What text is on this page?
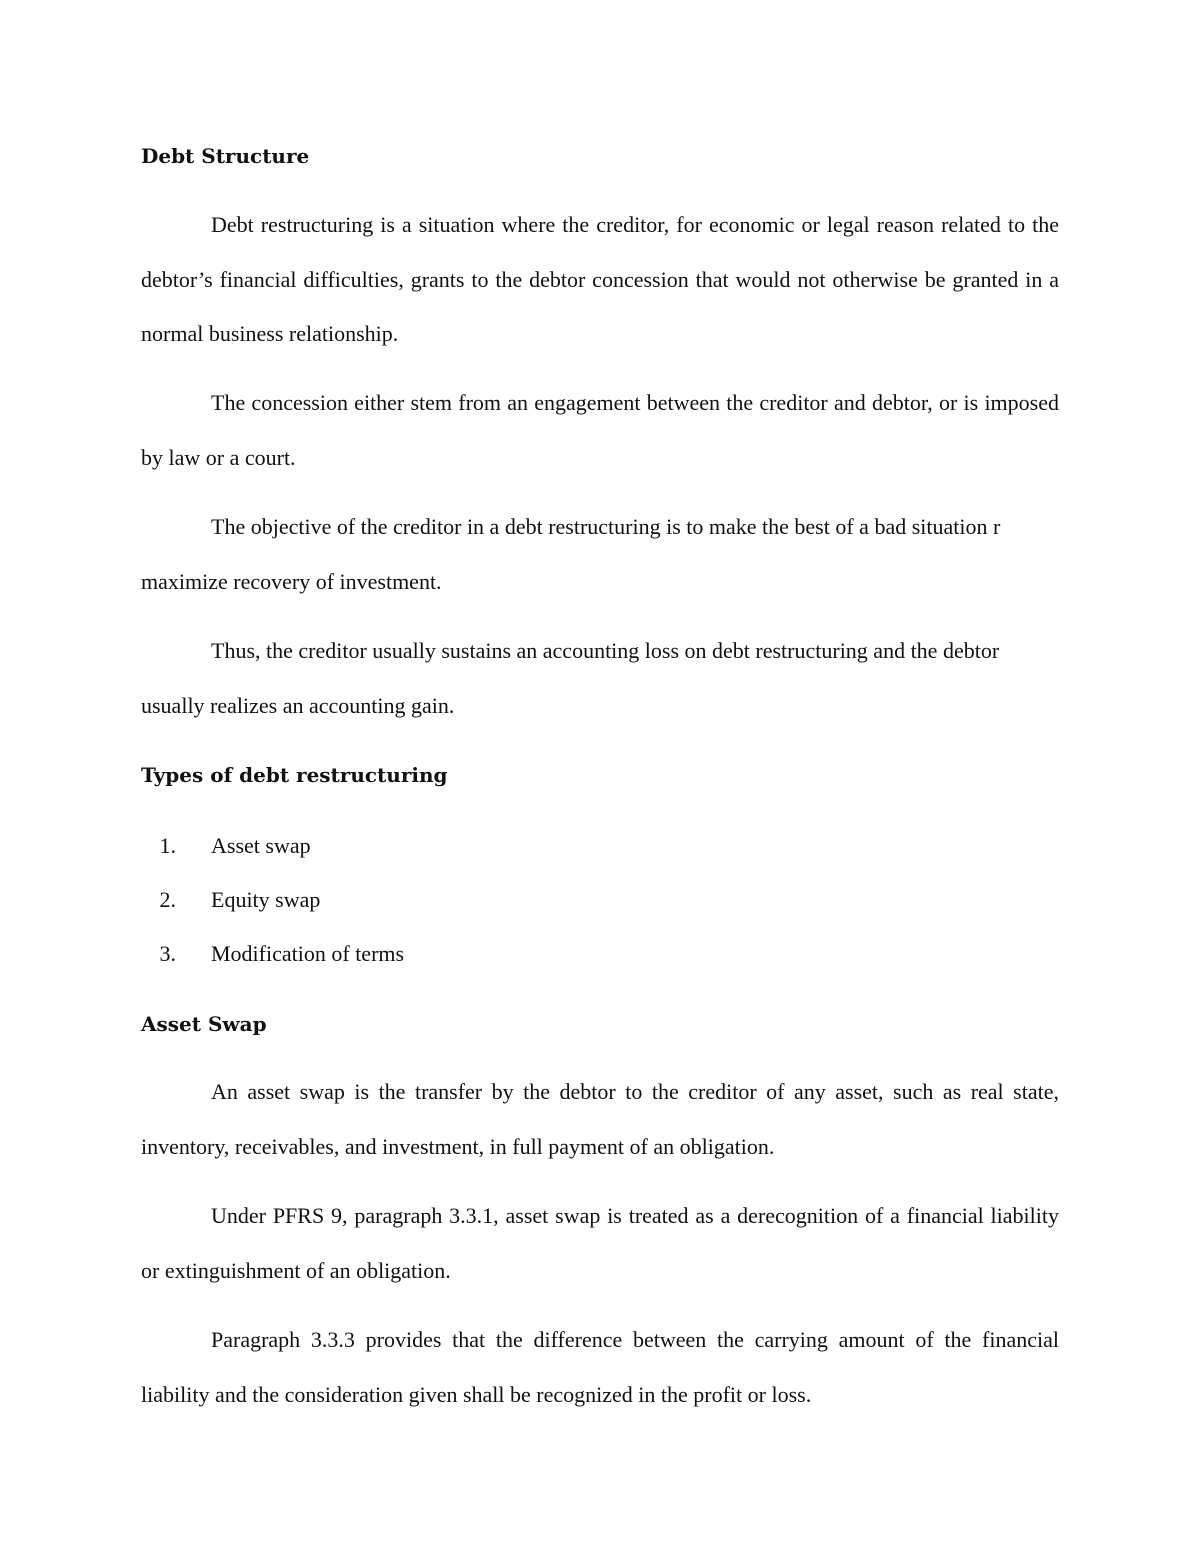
Debt Structure

Debt restructuring is a situation where the creditor, for economic or legal reason related to the debtor’s financial difficulties, grants to the debtor concession that would not otherwise be granted in a normal business relationship.

The concession either stem from an engagement between the creditor and debtor, or is imposed by law or a court.

The objective of the creditor in a debt restructuring is to make the best of a bad situation r maximize recovery of investment.

Thus, the creditor usually sustains an accounting loss on debt restructuring and the debtor usually realizes an accounting gain.

Types of debt restructuring
1. Asset swap
2. Equity swap
3. Modification of terms
Asset Swap

An asset swap is the transfer by the debtor to the creditor of any asset, such as real state, inventory, receivables, and investment, in full payment of an obligation.

Under PFRS 9, paragraph 3.3.1, asset swap is treated as a derecognition of a financial liability or extinguishment of an obligation.

Paragraph 3.3.3 provides that the difference between the carrying amount of the financial liability and the consideration given shall be recognized in the profit or loss.
